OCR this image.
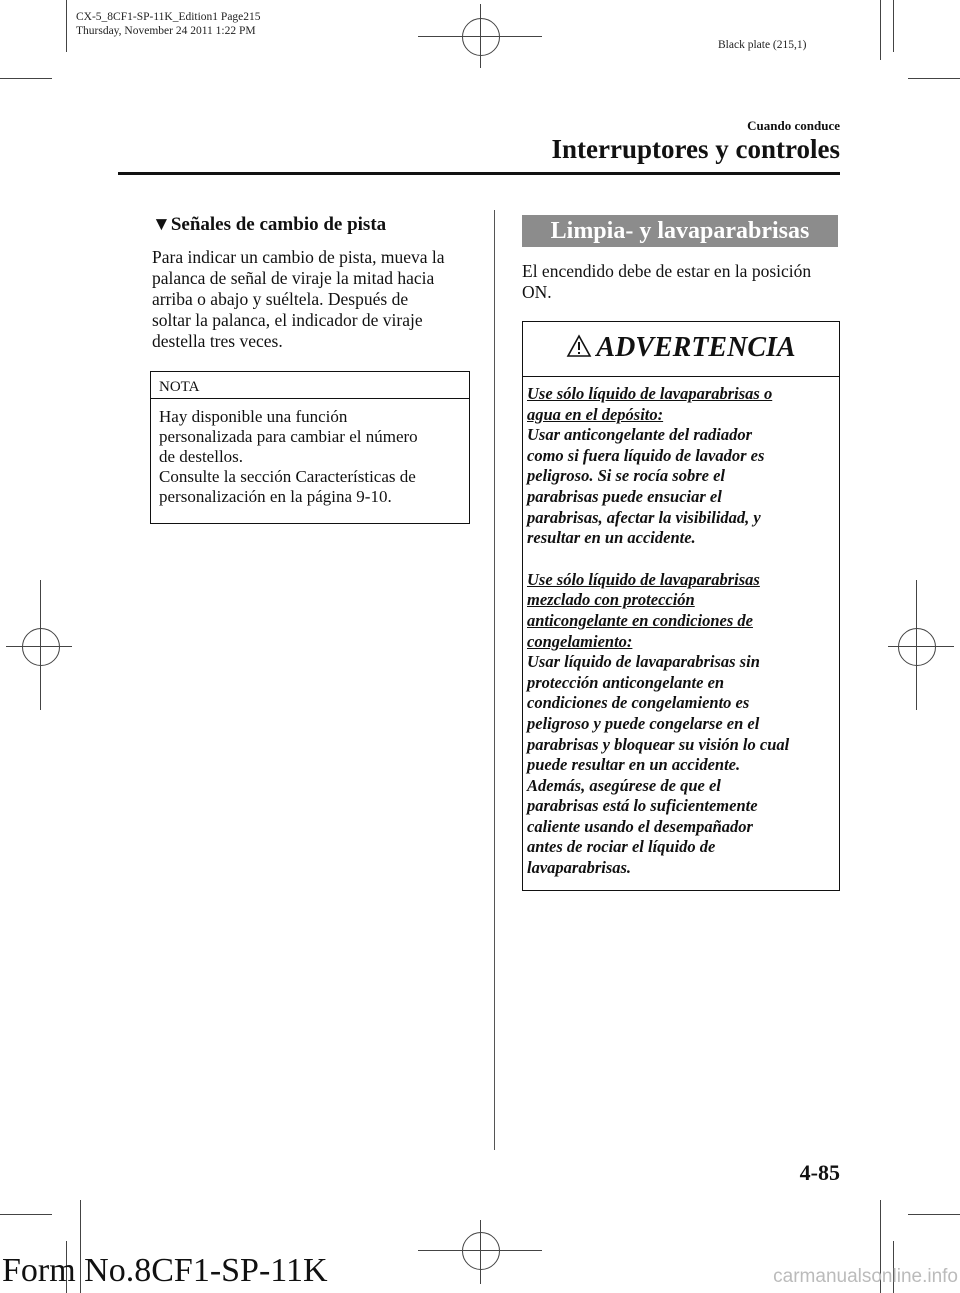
CX-5_8CF1-SP-11K_Edition1 Page215
Thursday, November 24 2011 1:22 PM
Black plate (215,1)
Cuando conduce
Interruptores y controles
▼Señales de cambio de pista
Para indicar un cambio de pista, mueva la
palanca de señal de viraje la mitad hacia
arriba o abajo y suéltela. Después de
soltar la palanca, el indicador de viraje
destella tres veces.
NOTA
Hay disponible una función
personalizada para cambiar el número
de destellos.
Consulte la sección Características de
personalización en la página 9-10.
Limpia- y lavaparabrisas
El encendido debe de estar en la posición
ON.
ADVERTENCIA
Use sólo líquido de lavaparabrisas o
agua en el depósito:
Usar anticongelante del radiador
como si fuera líquido de lavador es
peligroso. Si se rocía sobre el
parabrisas puede ensuciar el
parabrisas, afectar la visibilidad, y
resultar en un accidente.
Use sólo líquido de lavaparabrisas
mezclado con protección
anticongelante en condiciones de
congelamiento:
Usar líquido de lavaparabrisas sin
protección anticongelante en
condiciones de congelamiento es
peligroso y puede congelarse en el
parabrisas y bloquear su visión lo cual
puede resultar en un accidente.
Además, asegúrese de que el
parabrisas está lo suficientemente
caliente usando el desempañador
antes de rociar el líquido de
lavaparabrisas.
4-85
Form No.8CF1-SP-11K	carmanualsonline.info
